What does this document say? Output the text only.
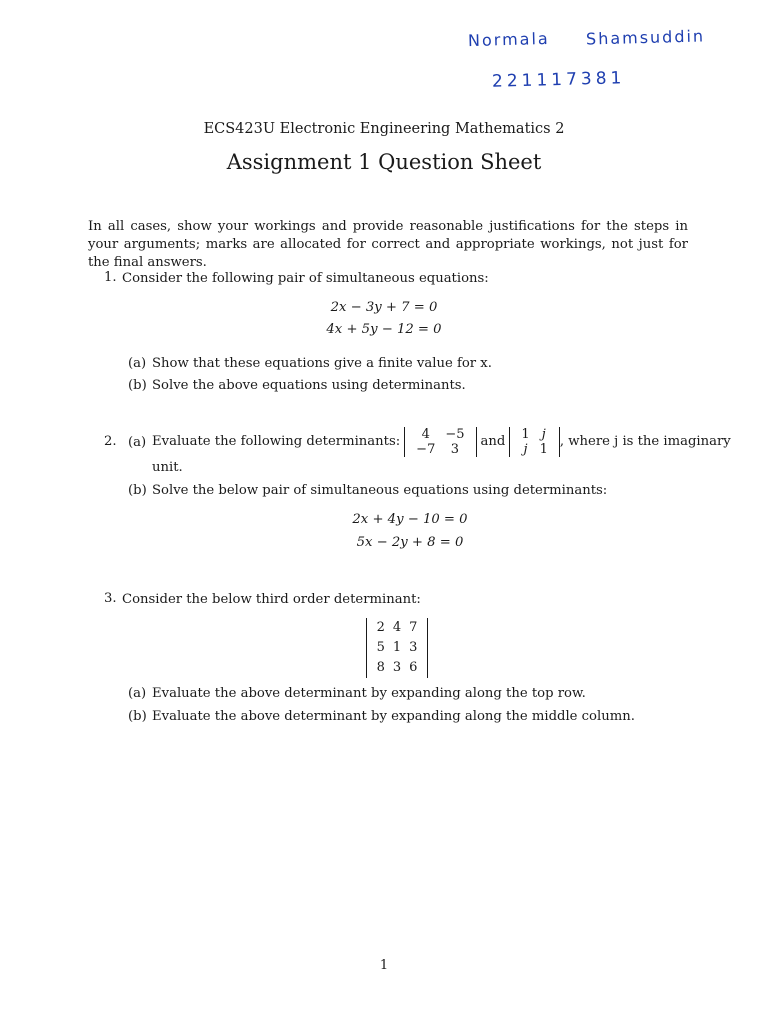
Normala Shamsuddin
221117381
ECS423U Electronic Engineering Mathematics 2
Assignment 1 Question Sheet
In all cases, show your workings and provide reasonable justifications for the steps in your arguments; marks are allocated for correct and appropriate workings, not just for the final answers.
1. Consider the following pair of simultaneous equations:
2x − 3y + 7 = 0
4x + 5y − 12 = 0
(a) Show that these equations give a finite value for x.
(b) Solve the above equations using determinants.
2. (a) Evaluate the following determinants: 4	−5
−7	3
and 1	j
j	1
, where j is the imaginary
unit.
(b) Solve the below pair of simultaneous equations using determinants:
2x + 4y − 10 = 0
5x − 2y + 8 = 0
3. Consider the below third order determinant:
2	4	7
5	1	3
8	3	6
(a) Evaluate the above determinant by expanding along the top row.
(b) Evaluate the above determinant by expanding along the middle column.
1
